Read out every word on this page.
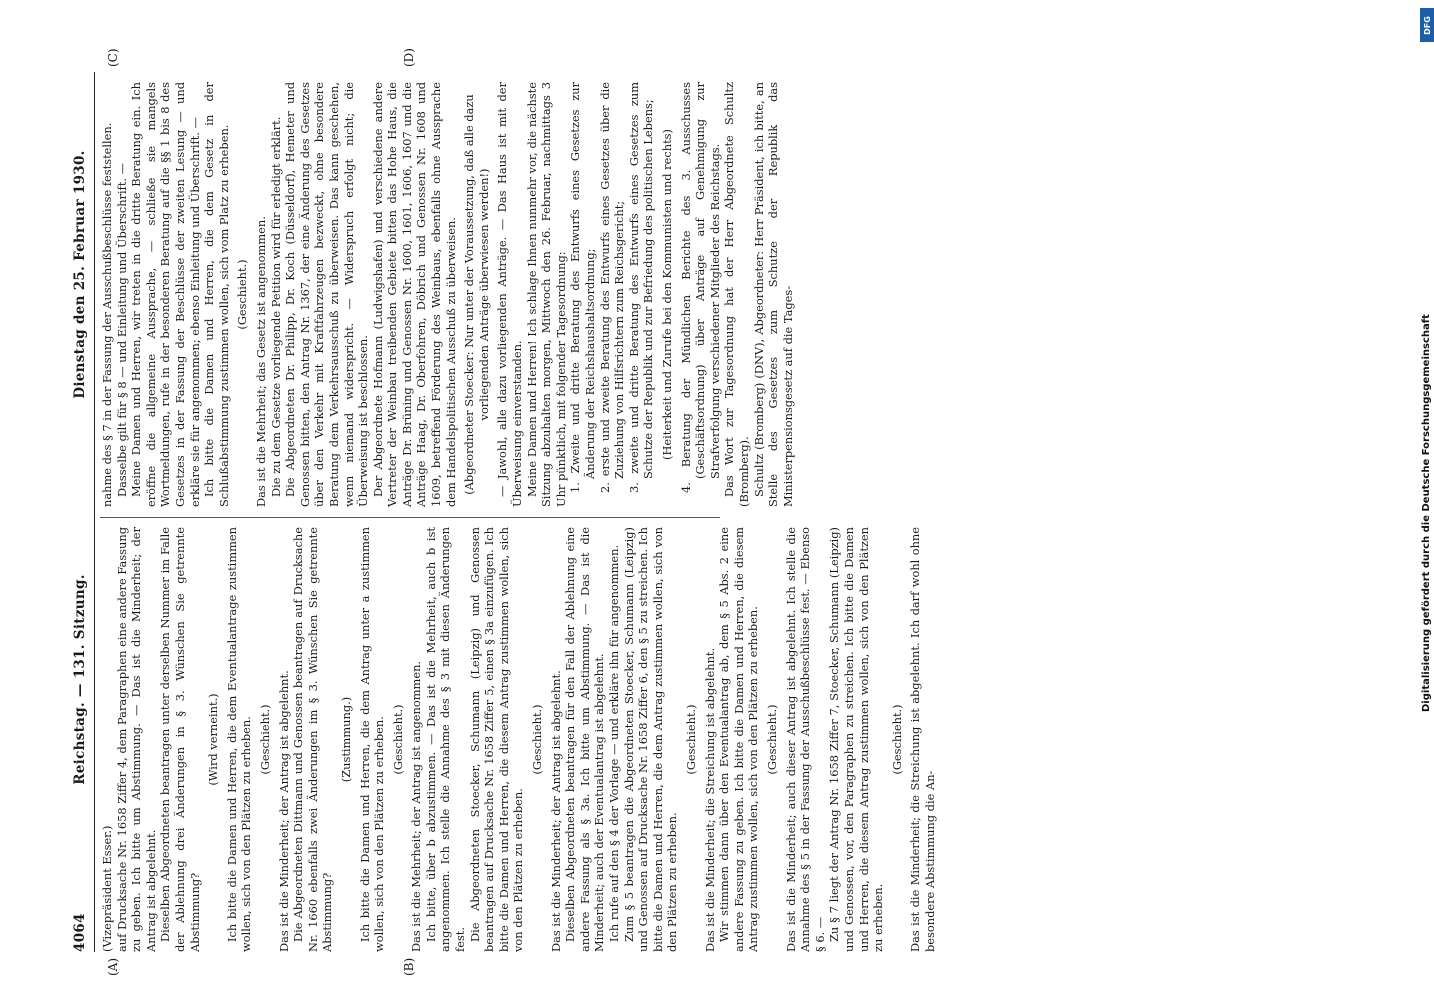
4064
Reichstag. — 131. Sitzung.
Dienstag den 25. Februar 1930.
(A)	(B)
(C)	(D)

(Vizepräsident Esser.) auf Drucksache Nr. 1658 Ziffer 4, dem Paragraphen eine andere Fassung zu geben. Ich bitte um Abstimmung. — Das ist die Minderheit; der Antrag ist abgelehnt. Dieselben Abgeordneten beantragen unter derselben Nummer im Falle der Ablehnung drei Änderungen in § 3. Wünschen Sie getrennte Abstimmung?

(Wird verneint.) Ich bitte die Damen und Herren, die dem Eventualantrage zustimmen wollen, sich von den Plätzen zu erheben. (Geschieht.) Das ist die Minderheit; der Antrag ist abgelehnt. Die Abgeordneten Dittmann und Genossen beantragen auf Drucksache Nr. 1660 ebenfalls zwei Änderungen im § 3. Wünschen Sie getrennte Abstimmung?

(Zustimmung.) Ich bitte die Damen und Herren, die dem Antrag unter a zustimmen wollen, sich von den Plätzen zu erheben. (Geschieht.) Das ist die Mehrheit; der Antrag ist angenommen. Ich bitte, über b abzustimmen. — Das ist die Mehrheit, auch b ist angenommen. Ich stelle die Annahme des § 3 mit diesen Änderungen fest. Die Abgeordneten Stoecker, Schumann (Leipzig) und Genossen beantragen auf Drucksache Nr. 1658 Ziffer 5, einen § 3a einzufügen. Ich bitte die Damen und Herren, die diesem Antrag zustimmen wollen, sich von den Plätzen zu erheben.

(Geschieht.) Das ist die Minderheit; der Antrag ist abgelehnt. Dieselben Abgeordneten beantragen für den Fall der Ablehnung eine andere Fassung als § 3a. Ich bitte um Abstimmung. — Das ist die Minderheit; auch der Eventualantrag ist abgelehnt. Ich rufe auf den § 4 der Vorlage — und erkläre ihn für angenommen. Zum § 5 beantragen die Abgeordneten Stoecker, Schumann (Leipzig) und Genossen auf Drucksache Nr. 1658 Ziffer 6, den § 5 zu streichen. Ich bitte die Damen und Herren, die dem Antrag zustimmen wollen, sich von den Plätzen zu erheben.

(Geschieht.) Das ist die Minderheit; die Streichung ist abgelehnt. Wir stimmen dann über den Eventualantrag ab, dem § 5 Abs. 2 eine andere Fassung zu geben. Ich bitte die Damen und Herren, die diesem Antrag zustimmen wollen, sich von den Plätzen zu erheben. (Geschieht.) Das ist die Minderheit; auch dieser Antrag ist abgelehnt. Ich stelle die Annahme des § 5 in der Fassung der Ausschußbeschlüsse fest. — Ebenso § 6. — Zu § 7 liegt der Antrag Nr. 1658 Ziffer 7, Stoecker, Schumann (Leipzig) und Genossen, vor, den Paragraphen zu streichen. Ich bitte die Damen und Herren, die diesem Antrag zustimmen wollen, sich von den Plätzen zu erheben.

(Geschieht.) Das ist die Minderheit; die Streichung ist abgelehnt. Ich darf wohl ohne besondere Abstimmung die An-

nahme des § 7 in der Fassung der Ausschußbeschlüsse feststellen. Dasselbe gilt für § 8 — und Einleitung und Überschrift. — Meine Damen und Herren, wir treten in die dritte Beratung ein. Ich eröffne die allgemeine Aussprache, — schließe sie mangels Wortmeldungen, rufe in der besonderen Beratung auf die §§ 1 bis 8 des Gesetzes in der Fassung der Beschlüsse der zweiten Lesung — und erkläre sie für angenommen; ebenso Einleitung und Überschrift. — Ich bitte die Damen und Herren, die dem Gesetz in der Schlußabstimmung zustimmen wollen, sich vom Platz zu erheben. (Geschieht.) Das ist die Mehrheit; das Gesetz ist angenommen. Die zu dem Gesetze vorliegende Petition wird für erledigt erklärt. Die Abgeordneten Dr. Philipp, Dr. Koch (Düsseldorf), Hemeter und Genossen bitten, den Antrag Nr. 1367, der eine Änderung des Gesetzes über den Verkehr mit Kraftfahrzeugen bezweckt, ohne besondere Beratung dem Verkehrsausschuß zu überweisen. Das kann geschehen, wenn niemand widerspricht. — Widerspruch erfolgt nicht; die Überweisung ist beschlossen. Der Abgeordnete Hofmann (Ludwigshafen) und verschiedene andere Vertreter der Weinbau treibenden Gebiete bitten das Hohe Haus, die Anträge Dr. Brüning und Genossen Nr. 1600, 1601, 1606, 1607 und die Anträge Haag, Dr. Oberfohren, Döbrich und Genossen Nr. 1608 und 1609, betreffend Förderung des Weinbaus, ebenfalls ohne Aussprache dem Handelspolitischen Ausschuß zu überweisen. (Abgeordneter Stoecker: Nur unter der Voraussetzung, daß alle dazu vorliegenden Anträge überwiesen werden!) — Jawohl, alle dazu vorliegenden Anträge. — Das Haus ist mit der Überweisung einverstanden. Meine Damen und Herren! Ich schlage Ihnen nunmehr vor, die nächste Sitzung abzuhalten morgen, Mittwoch den 26. Februar, nachmittags 3 Uhr pünktlich, mit folgender Tagesordnung: 1. Zweite und dritte Beratung des Entwurfs eines Gesetzes zur Änderung der Reichshaushaltsordnung; 2. erste und zweite Beratung des Entwurfs eines Gesetzes über die Zuziehung von Hilfsrichtern zum Reichsgericht; 3. zweite und dritte Beratung des Entwurfs eines Gesetzes zum Schutze der Republik und zur Befriedung des politischen Lebens; (Heiterkeit und Zurufe bei den Kommunisten und rechts) 4. Beratung der Mündlichen Berichte des 3. Ausschusses (Geschäftsordnung) über Anträge auf Genehmigung zur Strafverfolgung verschiedener Mitglieder des Reichstags. Das Wort zur Tagesordnung hat der Herr Abgeordnete Schultz (Bromberg). Schultz (Bromberg) (DNV), Abgeordneter: Herr Präsident, ich bitte, an Stelle des Gesetzes zum Schutze der Republik das Ministerpensionsgesetz auf die Tages-

DFG
Digitalisierung gefördert durch die Deutsche Forschungsgemeinschaft
